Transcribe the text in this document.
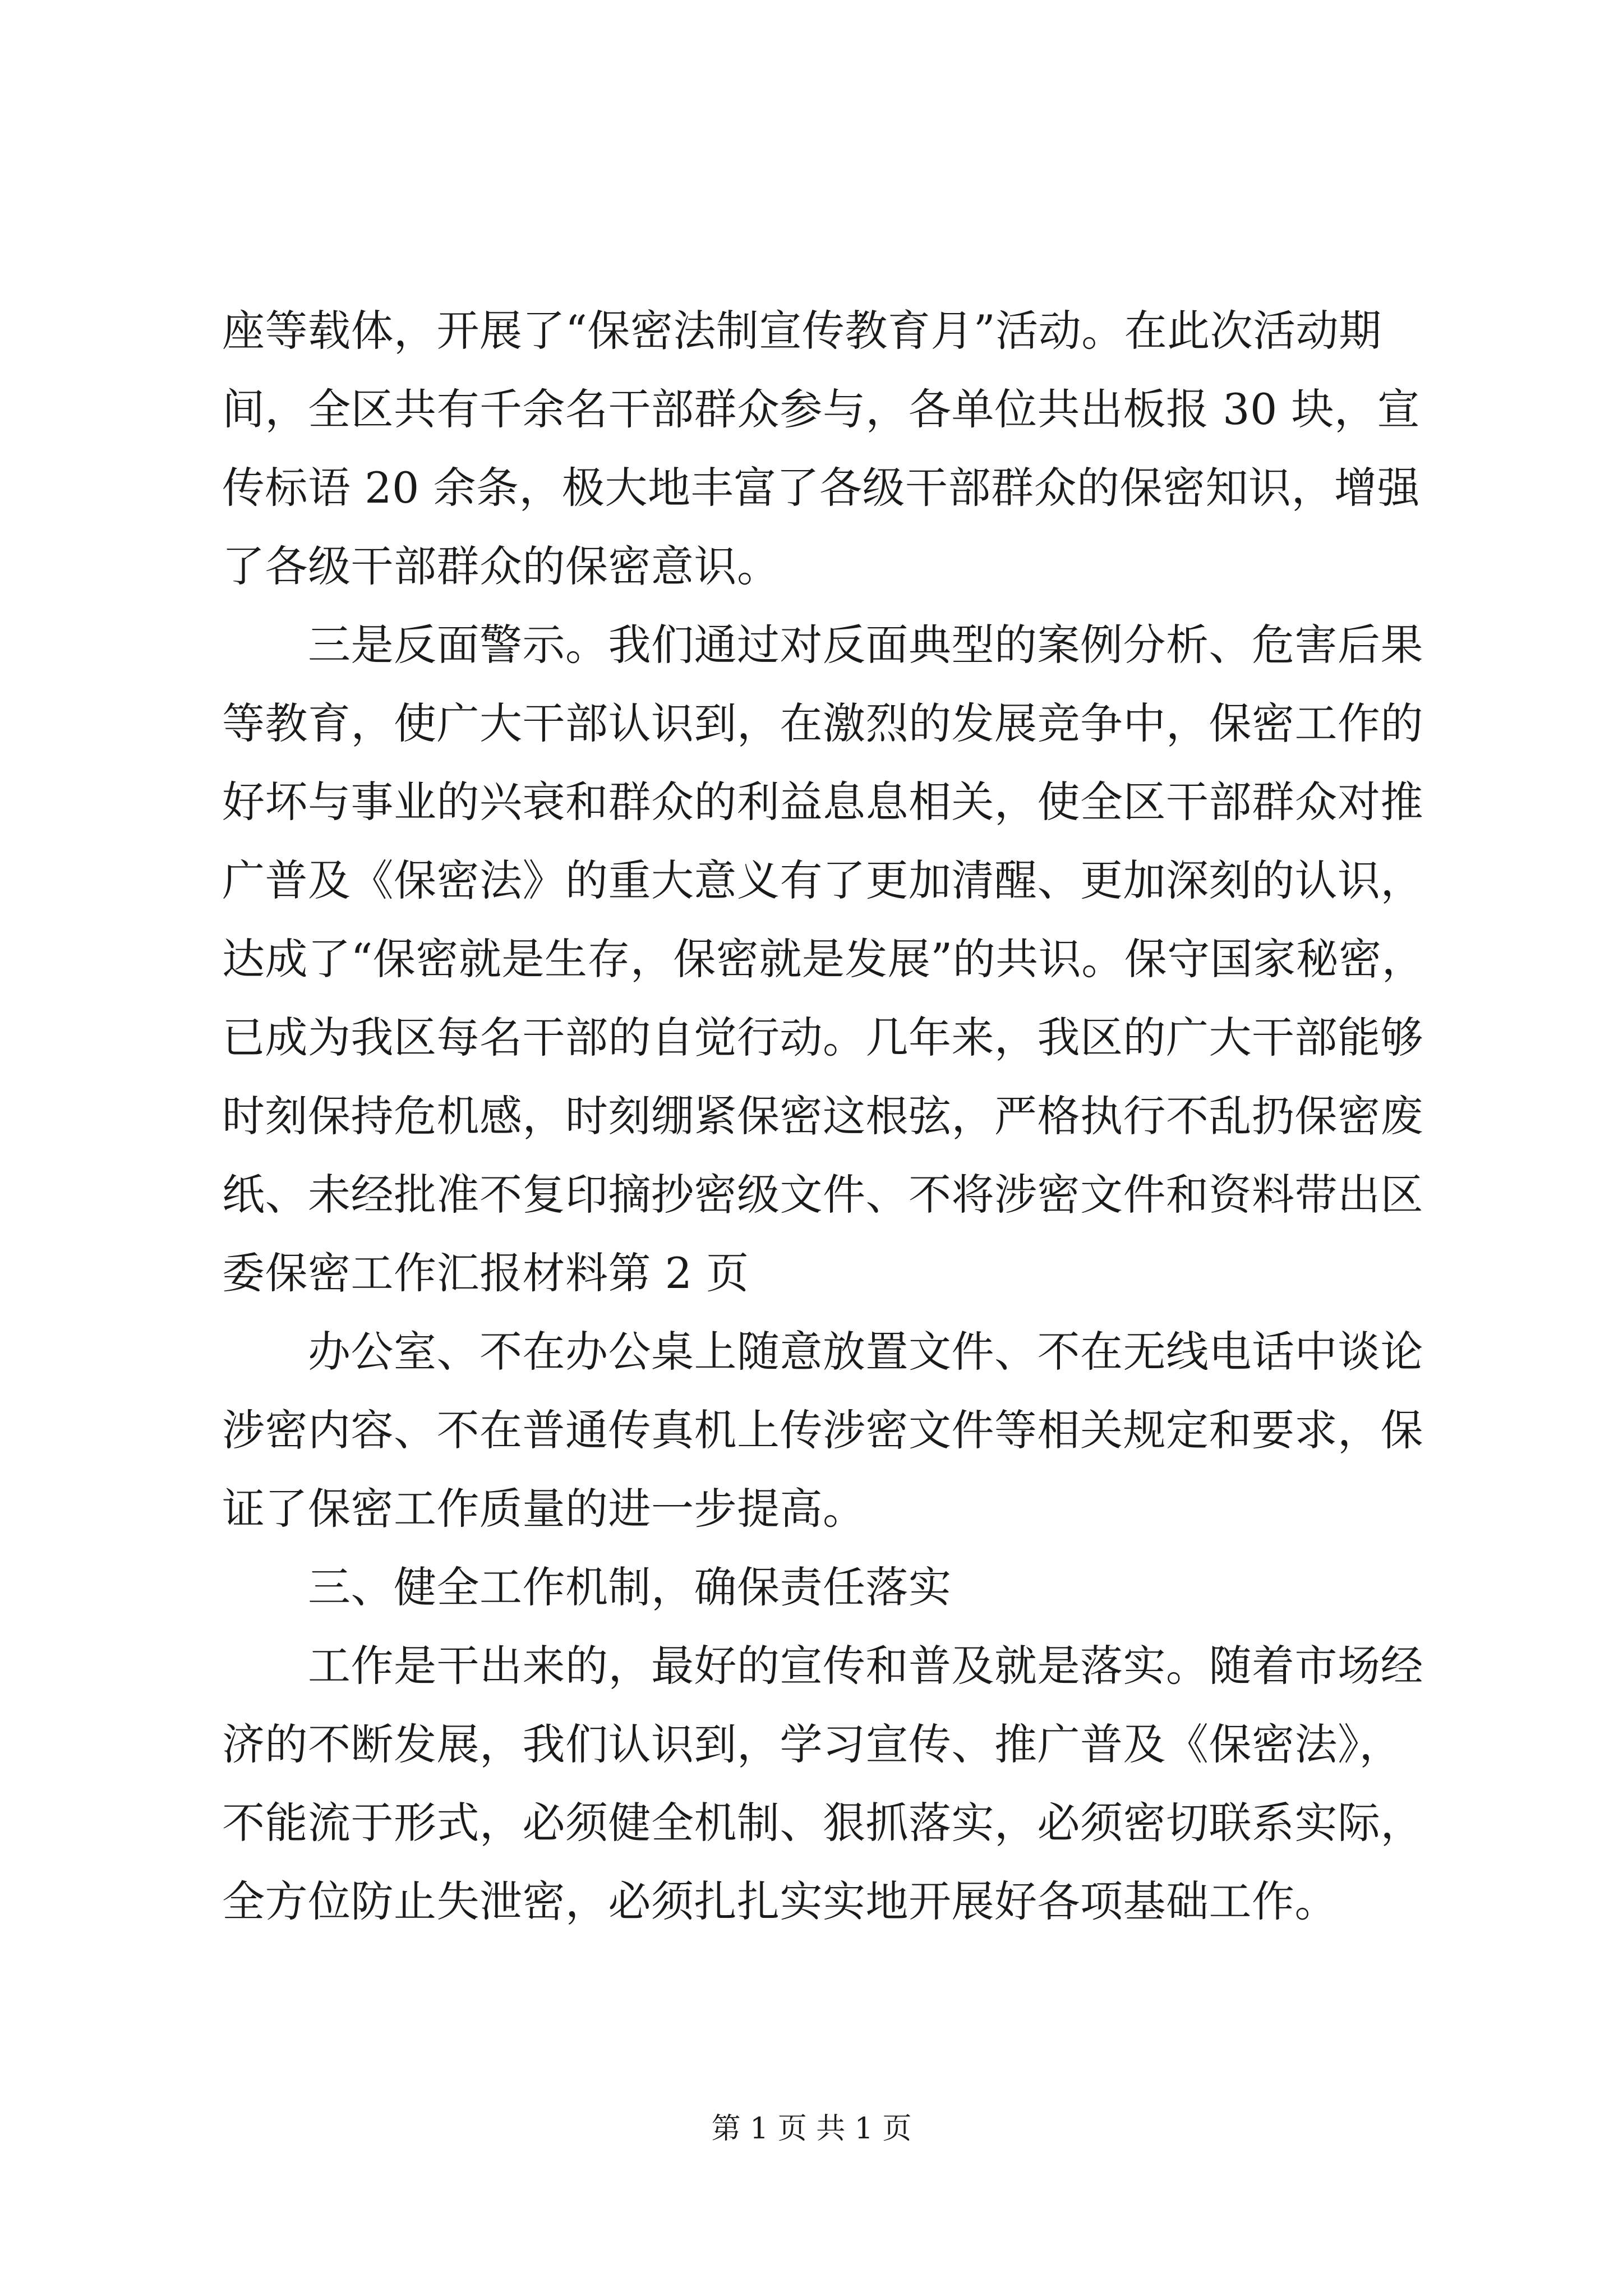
座等载体，开展了“保密法制宣传教育月”活动。在此次活动期
间，全区共有千余名干部群众参与，各单位共出板报 30 块，宣
传标语 20 余条，极大地丰富了各级干部群众的保密知识，增强
了各级干部群众的保密意识。
　　三是反面警示。我们通过对反面典型的案例分析、危害后果
等教育，使广大干部认识到，在激烈的发展竞争中，保密工作的
好坏与事业的兴衰和群众的利益息息相关，使全区干部群众对推
广普及《保密法》的重大意义有了更加清醒、更加深刻的认识，
达成了“保密就是生存，保密就是发展”的共识。保守国家秘密，
已成为我区每名干部的自觉行动。几年来，我区的广大干部能够
时刻保持危机感，时刻绷紧保密这根弦，严格执行不乱扔保密废
纸、未经批准不复印摘抄密级文件、不将涉密文件和资料带出区
委保密工作汇报材料第 2 页
　　办公室、不在办公桌上随意放置文件、不在无线电话中谈论
涉密内容、不在普通传真机上传涉密文件等相关规定和要求，保
证了保密工作质量的进一步提高。
　　三、健全工作机制，确保责任落实
　　工作是干出来的，最好的宣传和普及就是落实。随着市场经
济的不断发展，我们认识到，学习宣传、推广普及《保密法》，
不能流于形式，必须健全机制、狠抓落实，必须密切联系实际，
全方位防止失泄密，必须扎扎实实地开展好各项基础工作。
第 1 页 共 1 页
